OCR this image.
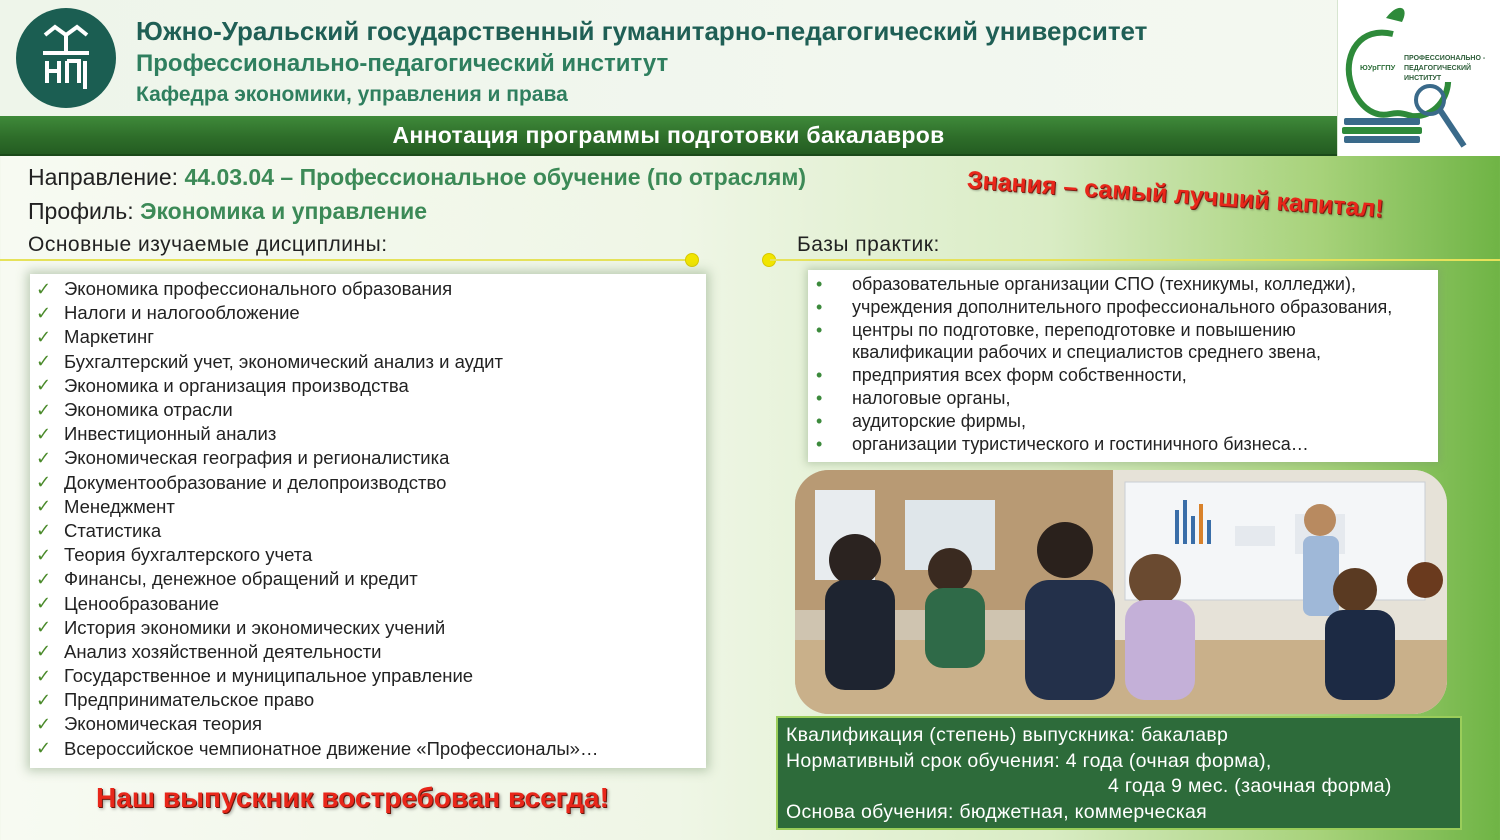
Южно-Уральский государственный гуманитарно-педагогический университет
Профессионально-педагогический институт
Кафедра экономики, управления и права
ЮУрГГПУ
ПРОФЕССИОНАЛЬНО -
ПЕДАГОГИЧЕСКИЙ
ИНСТИТУТ
Аннотация программы подготовки бакалавров
Направление: 44.03.04 – Профессиональное обучение (по отраслям)
Профиль: Экономика и управление	Знания – самый лучший капитал!
Основные изучаемые дисциплины:	Базы практик:
✓ Экономика профессионального образования
✓ Налоги и налогообложение
✓ Маркетинг
✓ Бухгалтерский учет, экономический анализ и аудит
✓ Экономика и организация производства
✓ Экономика отрасли
✓ Инвестиционный анализ
✓ Экономическая география и регионалистика
✓ Документообразование и делопроизводство
✓ Менеджмент
✓ Статистика
✓ Теория бухгалтерского учета
✓ Финансы, денежное обращений и кредит
✓ Ценообразование
✓ История экономики и экономических учений
✓ Анализ хозяйственной деятельности
✓ Государственное и муниципальное управление
✓ Предпринимательское право
✓ Экономическая теория
✓ Всероссийское чемпионатное движение «Профессионалы»…
•	образовательные организации СПО (техникумы, колледжи),
•	учреждения дополнительного профессионального образования,
•	центры по подготовке, переподготовке и повышению квалификации рабочих и специалистов среднего звена,
•	предприятия всех форм собственности,
•	налоговые органы,
•	аудиторские фирмы,
•	организации туристического и гостиничного бизнеса…
Квалификация (степень) выпускника: бакалавр
Нормативный срок обучения: 4 года (очная форма),
4 года 9 мес. (заочная форма)
Основа обучения: бюджетная, коммерческая
Наш выпускник востребован всегда!
